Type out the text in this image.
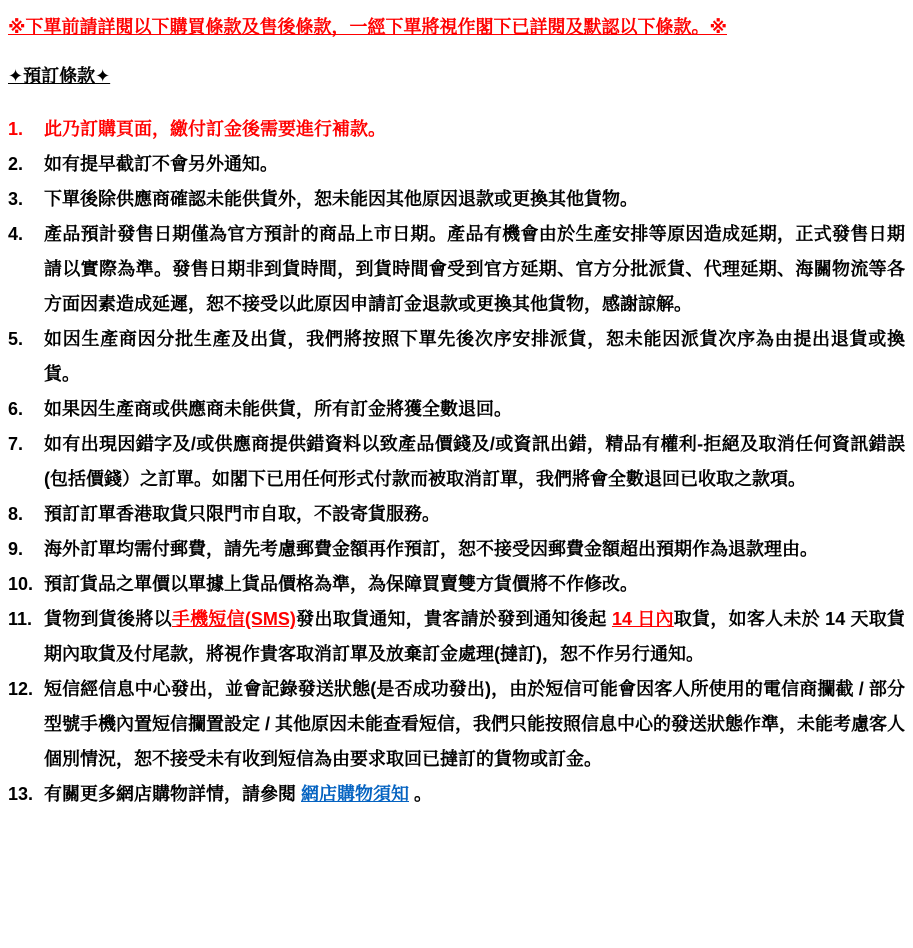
※下單前請詳閱以下購買條款及售後條款，一經下單將視作閣下已詳閱及默認以下條款。※
✦預訂條款✦
1.	此乃訂購頁面，繳付訂金後需要進行補款。
2.	如有提早截訂不會另外通知。
3.	下單後除供應商確認未能供貨外，恕未能因其他原因退款或更換其他貨物。
4.	產品預計發售日期僅為官方預計的商品上市日期。產品有機會由於生產安排等原因造成延期，正式發售日期請以實際為準。發售日期非到貨時間，到貨時間會受到官方延期、官方分批派貨、代理延期、海關物流等各方面因素造成延遲，恕不接受以此原因申請訂金退款或更換其他貨物，感謝諒解。
5.	如因生產商因分批生產及出貨，我們將按照下單先後次序安排派貨，恕未能因派貨次序為由提出退貨或換貨。
6.	如果因生產商或供應商未能供貨，所有訂金將獲全數退回。
7.	如有出現因錯字及/或供應商提供錯資料以致產品價錢及/或資訊出錯，精品有權利-拒絕及取消任何資訊錯誤(包括價錢）之訂單。如閣下已用任何形式付款而被取消訂單，我們將會全數退回已收取之款項。
8.	預訂訂單香港取貨只限門市自取，不設寄貨服務。
9.	海外訂單均需付郵費，請先考慮郵費金額再作預訂，恕不接受因郵費金額超出預期作為退款理由。
10. 預訂貨品之單價以單據上貨品價格為準，為保障買賣雙方貨價將不作修改。
11. 貨物到貨後將以手機短信(SMS)發出取貨通知，貴客請於發到通知後起 14 日內取貨，如客人未於 14 天取貨期內取貨及付尾款，將視作貴客取消訂單及放棄訂金處理(撻訂)，恕不作另行通知。
12. 短信經信息中心發出，並會記錄發送狀態(是否成功發出)，由於短信可能會因客人所使用的電信商攔截 / 部分型號手機內置短信攔置設定 / 其他原因未能查看短信，我們只能按照信息中心的發送狀態作準，未能考慮客人個別情況，恕不接受未有收到短信為由要求取回已撻訂的貨物或訂金。
13. 有關更多網店購物詳情，請參閱 網店購物須知 。
